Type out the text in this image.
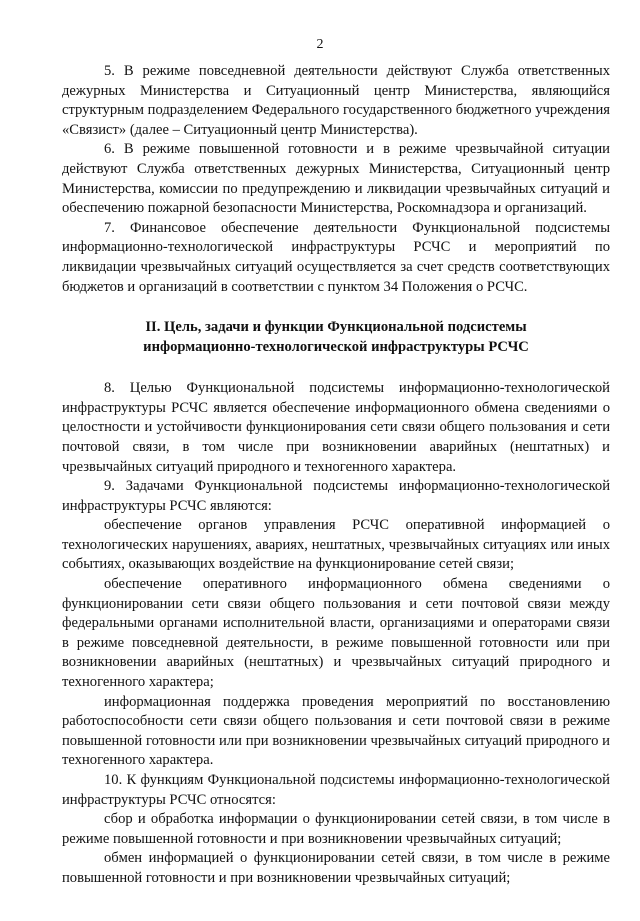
2

5. В режиме повседневной деятельности действуют Служба ответственных дежурных Министерства и Ситуационный центр Министерства, являющийся структурным подразделением Федерального государственного бюджетного учреждения «Связист» (далее – Ситуационный центр Министерства).

6. В режиме повышенной готовности и в режиме чрезвычайной ситуации действуют Служба ответственных дежурных Министерства, Ситуационный центр Министерства, комиссии по предупреждению и ликвидации чрезвычайных ситуаций и обеспечению пожарной безопасности Министерства, Роскомнадзора и организаций.

7. Финансовое обеспечение деятельности Функциональной подсистемы информационно-технологической инфраструктуры РСЧС и мероприятий по ликвидации чрезвычайных ситуаций осуществляется за счет средств соответствующих бюджетов и организаций в соответствии с пунктом 34 Положения о РСЧС.

II. Цель, задачи и функции Функциональной подсистемы
информационно-технологической инфраструктуры РСЧС

8. Целью Функциональной подсистемы информационно-технологической инфраструктуры РСЧС является обеспечение информационного обмена сведениями о целостности и устойчивости функционирования сети связи общего пользования и сети почтовой связи, в том числе при возникновении аварийных (нештатных) и чрезвычайных ситуаций природного и техногенного характера.

9. Задачами Функциональной подсистемы информационно-технологической инфраструктуры РСЧС являются:

обеспечение органов управления РСЧС оперативной информацией о технологических нарушениях, авариях, нештатных, чрезвычайных ситуациях или иных событиях, оказывающих воздействие на функционирование сетей связи;

обеспечение оперативного информационного обмена сведениями о функционировании сети связи общего пользования и сети почтовой связи между федеральными органами исполнительной власти, организациями и операторами связи в режиме повседневной деятельности, в режиме повышенной готовности или при возникновении аварийных (нештатных) и чрезвычайных ситуаций природного и техногенного характера;

информационная поддержка проведения мероприятий по восстановлению работоспособности сети связи общего пользования и сети почтовой связи в режиме повышенной готовности или при возникновении чрезвычайных ситуаций природного и техногенного характера.

10. К функциям Функциональной подсистемы информационно-технологической инфраструктуры РСЧС относятся:

сбор и обработка информации о функционировании сетей связи, в том числе в режиме повышенной готовности и при возникновении чрезвычайных ситуаций;

обмен информацией о функционировании сетей связи, в том числе в режиме повышенной готовности и при возникновении чрезвычайных ситуаций;
